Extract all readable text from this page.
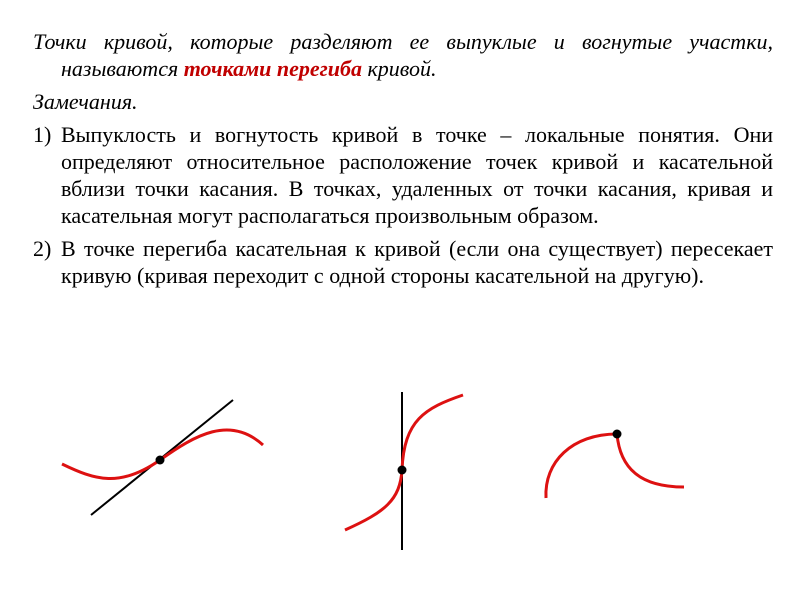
Точки кривой, которые разделяют ее выпуклые и вогнутые участки, называются точками перегиба кривой.

Замечания.

1) Выпуклость и вогнутость кривой в точке – локальные понятия. Они определяют относительное расположение точек кривой и касательной вблизи точки касания. В точках, удаленных от точки касания, кривая и касательная могут располагаться произвольным образом.
2) В точке перегиба касательная к кривой (если она существует) пересекает кривую (кривая переходит с одной стороны касательной на другую).
